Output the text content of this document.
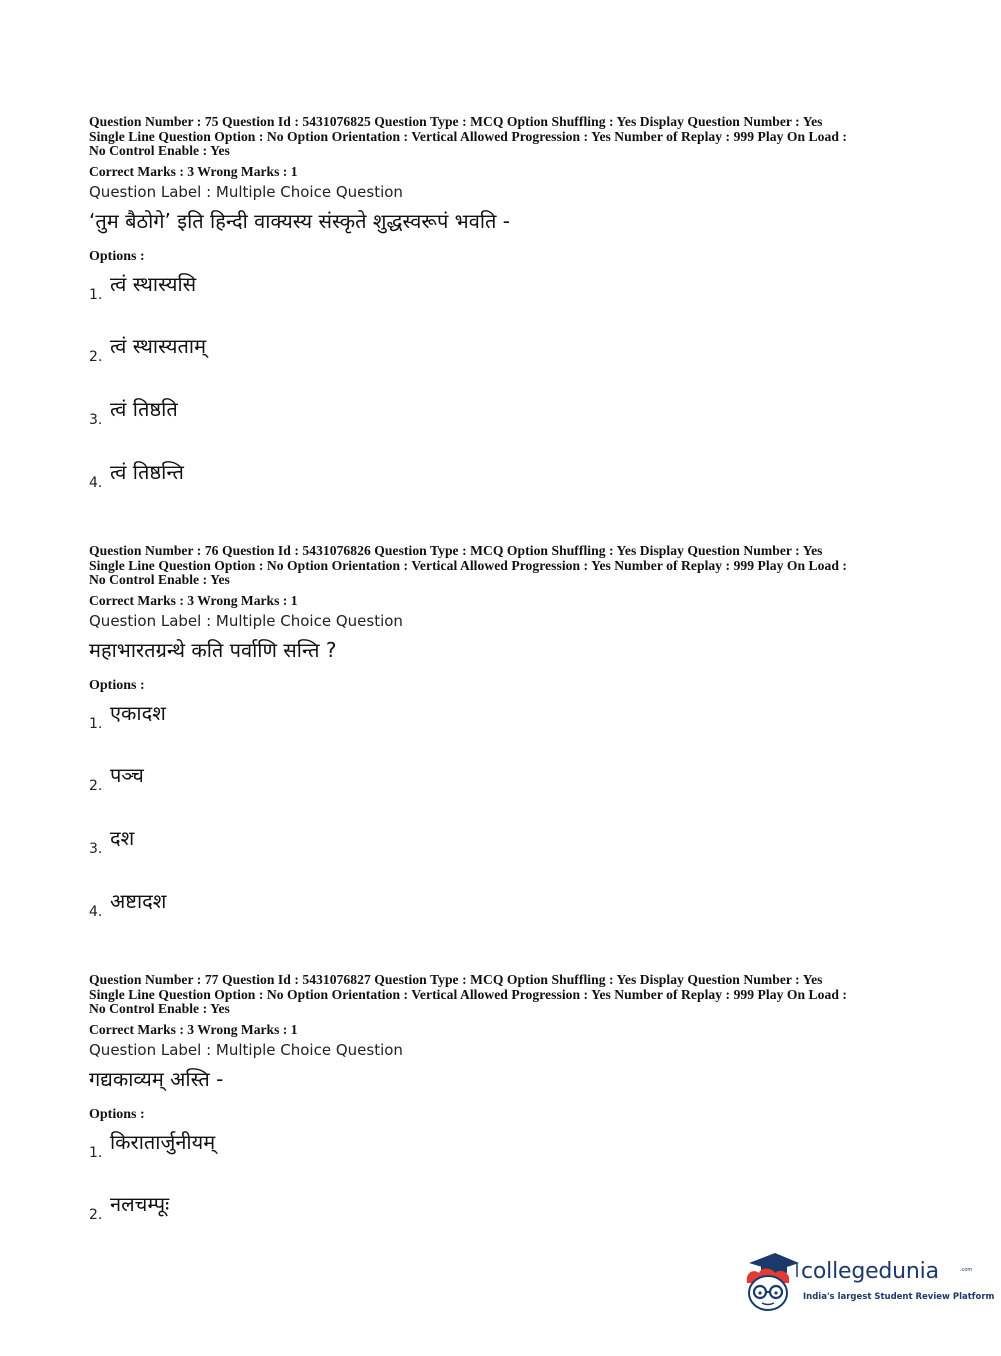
Question Number : 75 Question Id : 5431076825 Question Type : MCQ Option Shuffling : Yes Display Question Number : Yes
Single Line Question Option : No Option Orientation : Vertical Allowed Progression : Yes Number of Replay : 999 Play On Load :
No Control Enable : Yes
Correct Marks : 3 Wrong Marks : 1
Question Label : Multiple Choice Question
‘तुम बैठोगे’ इति हिन्दी वाक्यस्य संस्कृते शुद्धस्वरूपं भवति -
Options :
1. त्वं स्थास्यसि
2. त्वं स्थास्यताम्
3. त्वं तिष्ठति
4. त्वं तिष्ठन्ति
Question Number : 76 Question Id : 5431076826 Question Type : MCQ Option Shuffling : Yes Display Question Number : Yes
Single Line Question Option : No Option Orientation : Vertical Allowed Progression : Yes Number of Replay : 999 Play On Load :
No Control Enable : Yes
Correct Marks : 3 Wrong Marks : 1
Question Label : Multiple Choice Question
महाभारतग्रन्थे कति पर्वाणि सन्ति ?
Options :
1. एकादश
2. पञ्च
3. दश
4. अष्टादश
Question Number : 77 Question Id : 5431076827 Question Type : MCQ Option Shuffling : Yes Display Question Number : Yes
Single Line Question Option : No Option Orientation : Vertical Allowed Progression : Yes Number of Replay : 999 Play On Load :
No Control Enable : Yes
Correct Marks : 3 Wrong Marks : 1
Question Label : Multiple Choice Question
गद्यकाव्यम् अस्ति -
Options :
1. किरातार्जुनीयम्
2. नलचम्पूः
collegedunia	.com
India's largest Student Review Platform
